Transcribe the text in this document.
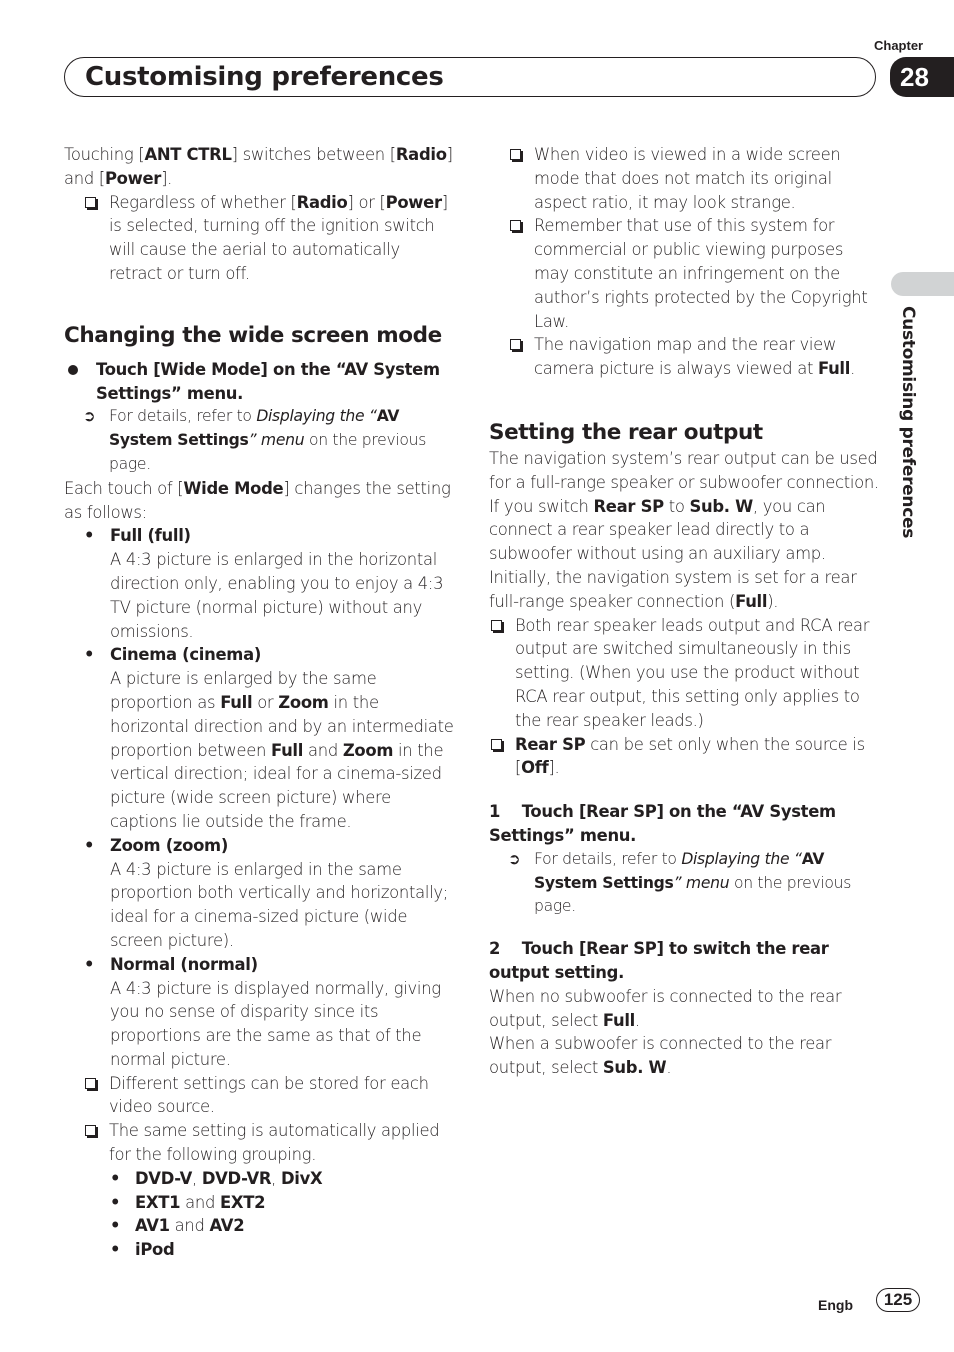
Chapter
Customising preferences	28
Customising preferences

Touching [ANT CTRL] switches between [Radio] and [Power].

Regardless of whether [Radio] or [Power] is selected, turning off the ignition switch will cause the aerial to automatically retract or turn off.

Changing the wide screen mode

Touch [Wide Mode] on the “AV System Settings” menu.

➲ For details, refer to Displaying the “AV System Settings” menu on the previous page.

Each touch of [Wide Mode] changes the setting as follows:

• Full (full)

A 4:3 picture is enlarged in the horizontal direction only, enabling you to enjoy a 4:3 TV picture (normal picture) without any omissions.

• Cinema (cinema)

A picture is enlarged by the same proportion as Full or Zoom in the horizontal direction and by an intermediate proportion between Full and Zoom in the vertical direction; ideal for a cinema-sized picture (wide screen picture) where captions lie outside the frame.

• Zoom (zoom)

A 4:3 picture is enlarged in the same proportion both vertically and horizontally; ideal for a cinema-sized picture (wide screen picture).

• Normal (normal)

A 4:3 picture is displayed normally, giving you no sense of disparity since its proportions are the same as that of the normal picture.

Different settings can be stored for each video source.

The same setting is automatically applied for the following grouping.

• DVD-V, DVD-VR, DivX

• EXT1 and EXT2

• AV1 and AV2

• iPod

When video is viewed in a wide screen mode that does not match its original aspect ratio, it may look strange.

Remember that use of this system for commercial or public viewing purposes may constitute an infringement on the author’s rights protected by the Copyright Law.

The navigation map and the rear view camera picture is always viewed at Full.

Setting the rear output

The navigation system’s rear output can be used for a full-range speaker or subwoofer connection. If you switch Rear SP to Sub. W, you can connect a rear speaker lead directly to a subwoofer without using an auxiliary amp. Initially, the navigation system is set for a rear full-range speaker connection (Full).

Both rear speaker leads output and RCA rear output are switched simultaneously in this setting. (When you use the product without RCA rear output, this setting only applies to the rear speaker leads.)

Rear SP can be set only when the source is [Off].

1    Touch [Rear SP] on the “AV System Settings” menu.

➲ For details, refer to Displaying the “AV System Settings” menu on the previous page.

2    Touch [Rear SP] to switch the rear output setting.

When no subwoofer is connected to the rear output, select Full.

When a subwoofer is connected to the rear output, select Sub. W.

Engb	125
